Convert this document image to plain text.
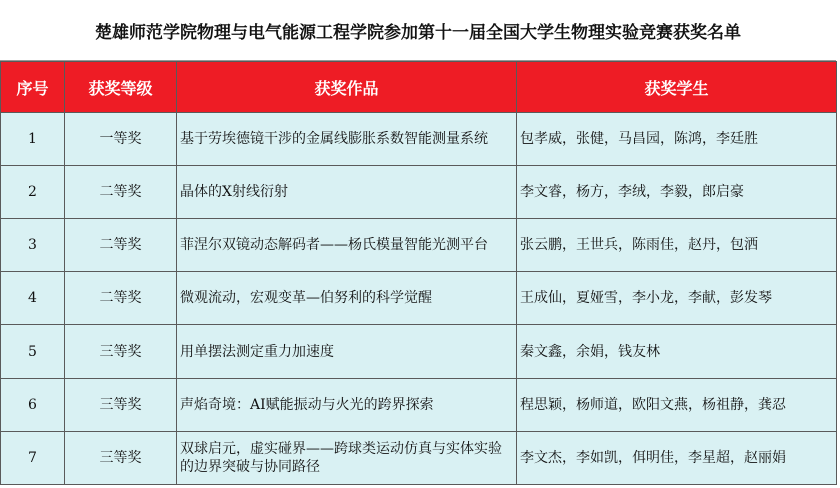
楚雄师范学院物理与电气能源工程学院参加第十一届全国大学生物理实验竞赛获奖名单
序号	获奖等级	获奖作品	获奖学生
1	一等奖	基于劳埃德镜干涉的金属线膨胀系数智能测量系统	包孝威，张健，马昌园，陈鸿，李廷胜
2	二等奖	晶体的X射线衍射	李文睿，杨方，李绒，李毅，郎启豪
3	二等奖	菲涅尔双镜动态解码者——杨氏模量智能光测平台	张云鹏，王世兵，陈雨佳，赵丹，包洒
4	二等奖	微观流动，宏观变革—伯努利的科学觉醒	王成仙，夏娅雪，李小龙，李献，彭发琴
5	三等奖	用单摆法测定重力加速度	秦文鑫，余娟，钱友林
6	三等奖	声焰奇境：AI赋能振动与火光的跨界探索	程思颖，杨师道，欧阳文燕，杨祖静，龚忍
7	三等奖	双球启元，虚实碰界——跨球类运动仿真与实体实验的边界突破与协同路径	李文杰，李如凯，佴明佳，李星超，赵丽娟
